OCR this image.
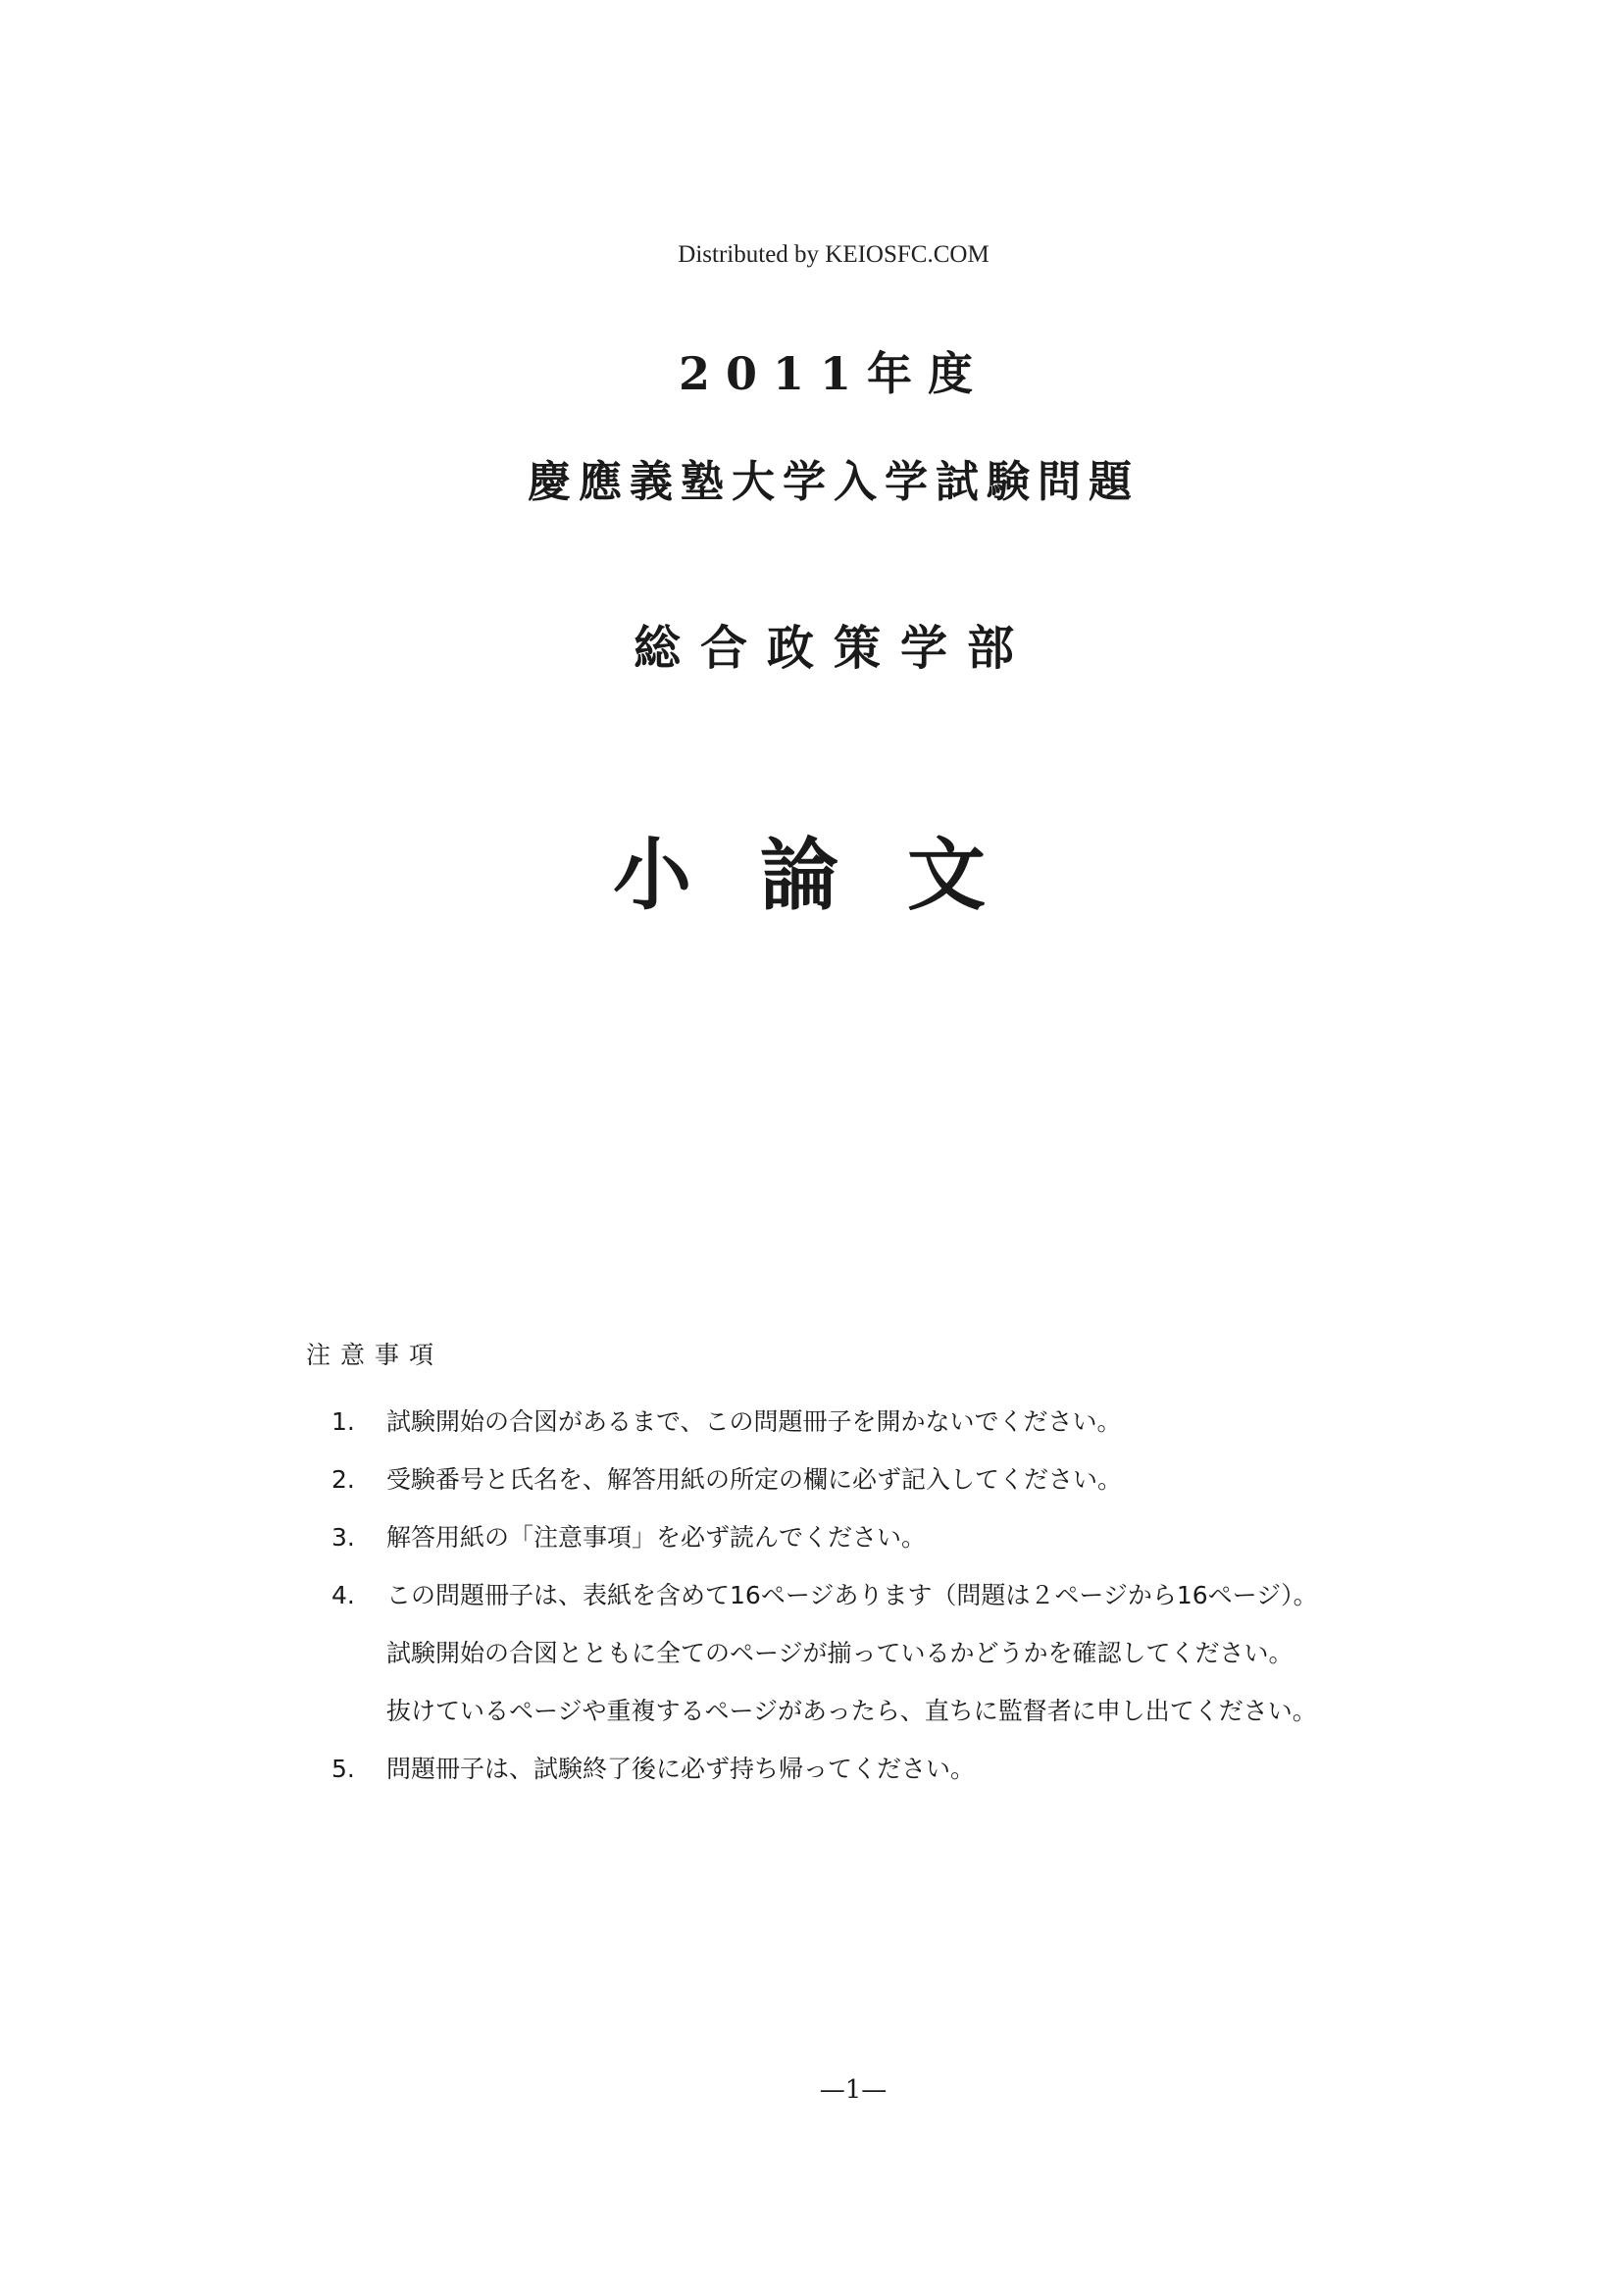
Distributed by KEIOSFC.COM
2011年度
慶應義塾大学入学試験問題
総合政策学部
小論文
注意事項
1.	試験開始の合図があるまで、この問題冊子を開かないでください。
2.	受験番号と氏名を、解答用紙の所定の欄に必ず記入してください。
3.	解答用紙の「注意事項」を必ず読んでください。
4.	この問題冊子は、表紙を含めて16ページあります（問題は２ページから16ページ）。
試験開始の合図とともに全てのページが揃っているかどうかを確認してください。
抜けているページや重複するページがあったら、直ちに監督者に申し出てください。
5.	問題冊子は、試験終了後に必ず持ち帰ってください。
—1—
